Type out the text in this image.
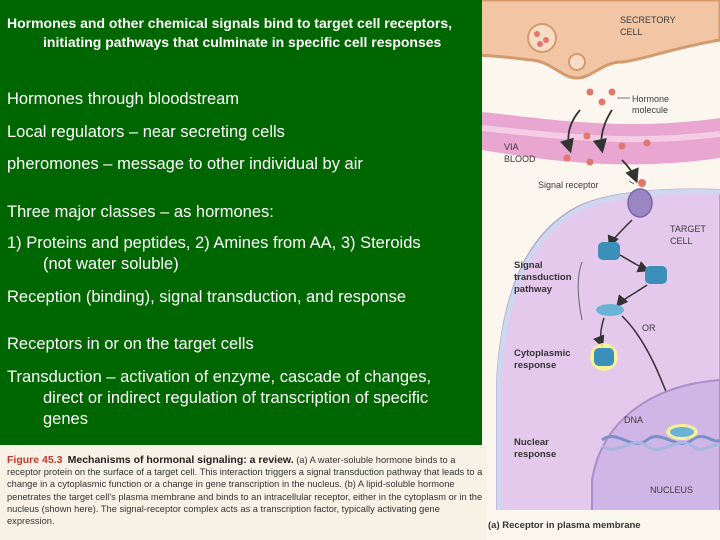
Hormones and other chemical signals bind to target cell receptors,
initiating pathways that culminate in specific cell responses
Hormones through bloodstream
Local regulators – near secreting cells
pheromones – message to other individual by air
Three major classes – as hormones:
1) Proteins and peptides, 2) Amines from AA, 3) Steroids
(not water soluble)
Reception (binding), signal transduction, and response
Receptors in or on the target cells
Transduction – activation of enzyme, cascade of changes,
direct or indirect regulation of transcription of specific
genes
SECRETORY
CELL
Hormone
molecule
VIA
BLOOD
Signal receptor
TARGET
CELL
Signal
transduction
pathway
OR
Cytoplasmic
response
DNA
Nuclear
response
NUCLEUS
(a) Receptor in plasma membrane
Figure 45.3 Mechanisms of hormonal signaling: a review. (a) A water-soluble hormone binds to a receptor protein on the surface of a target cell. This interaction triggers a signal transduction pathway that leads to a change in a cytoplasmic function or a change in gene transcription in the nucleus. (b) A lipid-soluble hormone penetrates the target cell's plasma membrane and binds to an intracellular receptor, either in the cytoplasm or in the nucleus (shown here). The signal-receptor complex acts as a transcription factor, typically activating gene expression.
